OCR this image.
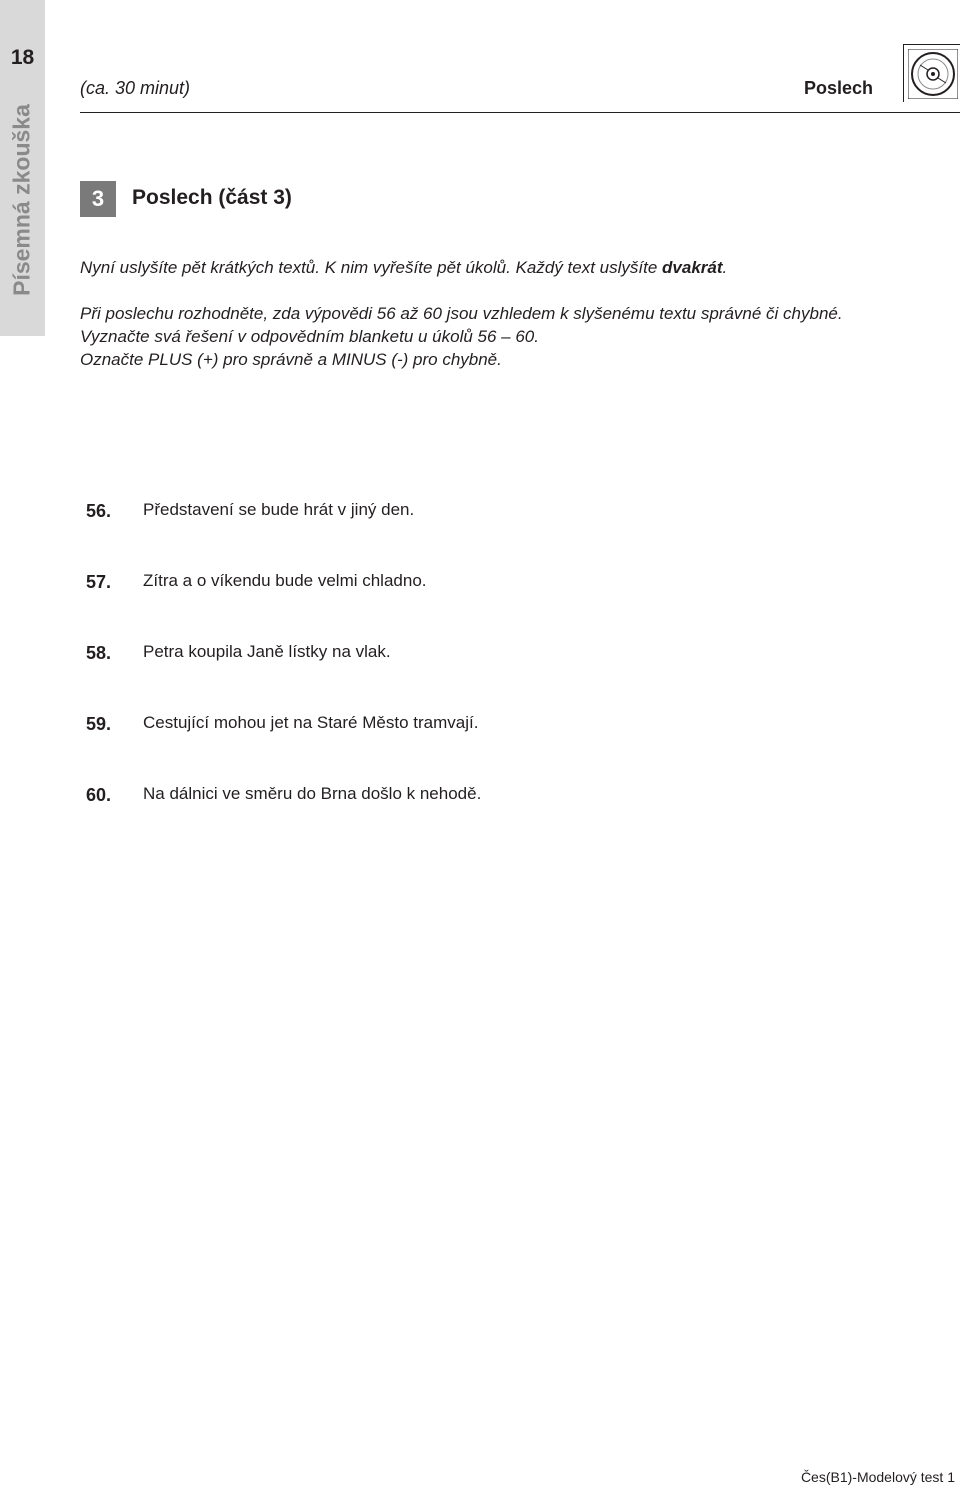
18
Písemná zkouška
(ca. 30 minut)	Poslech
3	Poslech (část 3)

Nyní uslyšíte pět krátkých textů. K nim vyřešíte pět úkolů. Každý text uslyšíte dvakrát.

Při poslechu rozhodněte, zda výpovědi 56 až 60 jsou vzhledem k slyšenému textu správné či chybné.

Vyznačte svá řešení v odpovědním blanketu u úkolů 56 – 60.

Označte PLUS (+) pro správně a MINUS (-) pro chybně.

56. Představení se bude hrát v jiný den.
57. Zítra a o víkendu bude velmi chladno.
58. Petra koupila Janě lístky na vlak.
59. Cestující mohou jet na Staré Město tramvají.
60. Na dálnici ve směru do Brna došlo k nehodě.
Čes(B1)-Modelový test 1
